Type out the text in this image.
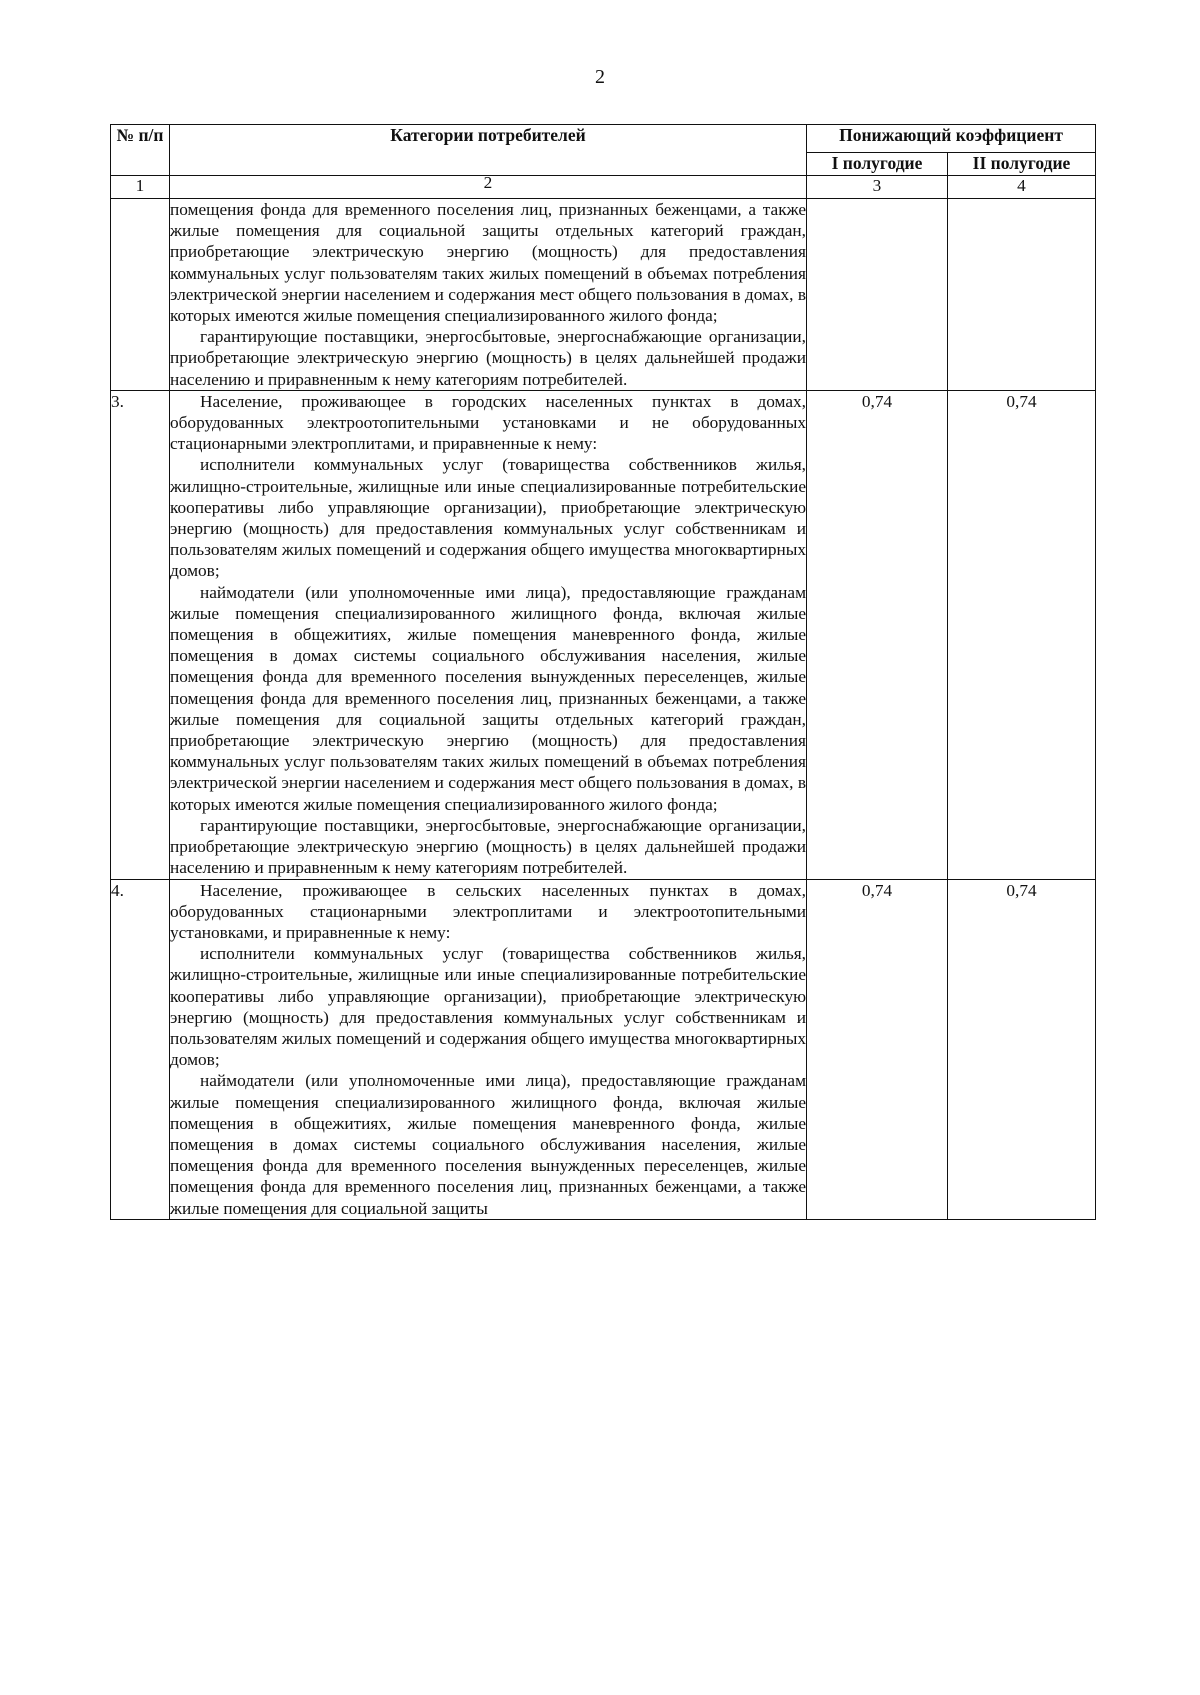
2
№ п/п	Категории потребителей	Понижающий коэффициент	
		I полугодие	II полугодие
1	2	3	4

	помещения фонда для временного поселения лиц, признанных беженцами, а также жилые помещения для социальной защиты отдельных категорий граждан, приобретающие электрическую энергию (мощность) для предоставления коммунальных услуг пользователям таких жилых помещений в объемах потребления электрической энергии населением и содержания мест общего пользования в домах, в которых имеются жилые помещения специализированного жилого фонда;

гарантирующие поставщики, энергосбытовые, энергоснабжающие организации, приобретающие электрическую энергию (мощность) в целях дальнейшей продажи населению и приравненным к нему категориям потребителей.		

3.	Население, проживающее в городских населенных пунктах в домах, оборудованных электроотопительными установками и не оборудованных стационарными электроплитами, и приравненные к нему:

исполнители коммунальных услуг (товарищества собственников жилья, жилищно-строительные, жилищные или иные специализированные потребительские кооперативы либо управляющие организации), приобретающие электрическую энергию (мощность) для предоставления коммунальных услуг собственникам и пользователям жилых помещений и содержания общего имущества многоквартирных домов;

наймодатели (или уполномоченные ими лица), предоставляющие гражданам жилые помещения специализированного жилищного фонда, включая жилые помещения в общежитиях, жилые помещения маневренного фонда, жилые помещения в домах системы социального обслуживания населения, жилые помещения фонда для временного поселения вынужденных переселенцев, жилые помещения фонда для временного поселения лиц, признанных беженцами, а также жилые помещения для социальной защиты отдельных категорий граждан, приобретающие электрическую энергию (мощность) для предоставления коммунальных услуг пользователям таких жилых помещений в объемах потребления электрической энергии населением и содержания мест общего пользования в домах, в которых имеются жилые помещения специализированного жилого фонда;

гарантирующие поставщики, энергосбытовые, энергоснабжающие организации, приобретающие электрическую энергию (мощность) в целях дальнейшей продажи населению и приравненным к нему категориям потребителей.	0,74	0,74
4.	Население, проживающее в сельских населенных пунктах в домах, оборудованных стационарными электроплитами и электроотопительными установками, и приравненные к нему:

исполнители коммунальных услуг (товарищества собственников жилья, жилищно-строительные, жилищные или иные специализированные потребительские кооперативы либо управляющие организации), приобретающие электрическую энергию (мощность) для предоставления коммунальных услуг собственникам и пользователям жилых помещений и содержания общего имущества многоквартирных домов;

наймодатели (или уполномоченные ими лица), предоставляющие гражданам жилые помещения специализированного жилищного фонда, включая жилые помещения в общежитиях, жилые помещения маневренного фонда, жилые помещения в домах системы социального обслуживания населения, жилые помещения фонда для временного поселения вынужденных переселенцев, жилые помещения фонда для временного поселения лиц, признанных беженцами, а также жилые помещения для социальной защиты	0,74	0,74
